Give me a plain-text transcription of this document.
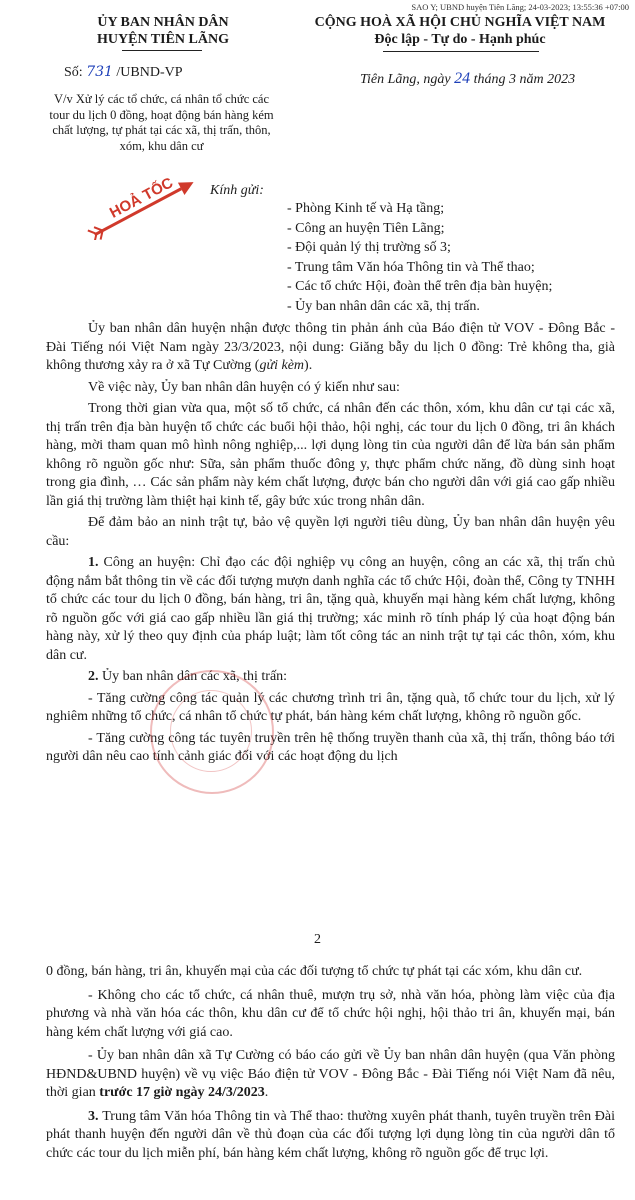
SAO Y; UBND huyện Tiên Lãng; 24-03-2023; 13:55:36 +07:00
ỦY BAN NHÂN DÂN
HUYỆN TIÊN LÃNG
CỘNG HOÀ XÃ HỘI CHỦ NGHĨA VIỆT NAM
Độc lập - Tự do - Hạnh phúc
Số: 731 /UBND-VP	Tiên Lãng, ngày 24 tháng 3 năm 2023
V/v Xử lý các tổ chức, cá nhân tổ chức các tour du lịch 0 đồng, hoạt động bán hàng kém chất lượng, tự phát tại các xã, thị trấn, thôn, xóm, khu dân cư
HOẢ TỐC Kính gửi:
- Phòng Kinh tế và Hạ tầng;
- Công an huyện Tiên Lãng;
- Đội quản lý thị trường số 3;
- Trung tâm Văn hóa Thông tin và Thể thao;
- Các tổ chức Hội, đoàn thể trên địa bàn huyện;
- Ủy ban nhân dân các xã, thị trấn.

Ủy ban nhân dân huyện nhận được thông tin phản ánh của Báo điện tử VOV - Đông Bắc - Đài Tiếng nói Việt Nam ngày 23/3/2023, nội dung: Giăng bẫy du lịch 0 đồng: Trẻ không tha, già không thương xảy ra ở xã Tự Cường (gửi kèm).

Về việc này, Ủy ban nhân dân huyện có ý kiến như sau:

Trong thời gian vừa qua, một số tổ chức, cá nhân đến các thôn, xóm, khu dân cư tại các xã, thị trấn trên địa bàn huyện tổ chức các buổi hội thảo, hội nghị, các tour du lịch 0 đồng, tri ân khách hàng, mời tham quan mô hình nông nghiệp,... lợi dụng lòng tin của người dân để lừa bán sản phẩm không rõ nguồn gốc như: Sữa, sản phẩm thuốc đông y, thực phẩm chức năng, đồ dùng sinh hoạt trong gia đình, … Các sản phẩm này kém chất lượng, được bán cho người dân với giá cao gấp nhiều lần giá thị trường làm thiệt hại kinh tế, gây bức xúc trong nhân dân.

Để đảm bảo an ninh trật tự, bảo vệ quyền lợi người tiêu dùng, Ủy ban nhân dân huyện yêu cầu:

1. Công an huyện: Chỉ đạo các đội nghiệp vụ công an huyện, công an các xã, thị trấn chủ động nắm bắt thông tin về các đối tượng mượn danh nghĩa các tổ chức Hội, đoàn thể, Công ty TNHH tổ chức các tour du lịch 0 đồng, bán hàng, tri ân, tặng quà, khuyến mại hàng kém chất lượng, không rõ nguồn gốc với giá cao gấp nhiều lần giá thị trường; xác minh rõ tính pháp lý của hoạt động bán hàng này, xử lý theo quy định của pháp luật; làm tốt công tác an ninh trật tự tại các thôn, xóm, khu dân cư.

2. Ủy ban nhân dân các xã, thị trấn:

- Tăng cường công tác quản lý các chương trình tri ân, tặng quà, tổ chức tour du lịch, xử lý nghiêm những tổ chức, cá nhân tổ chức tự phát, bán hàng kém chất lượng, không rõ nguồn gốc.

- Tăng cường công tác tuyên truyền trên hệ thống truyền thanh của xã, thị trấn, thông báo tới người dân nêu cao tính cảnh giác đối với các hoạt động du lịch

2

0 đồng, bán hàng, tri ân, khuyến mại của các đối tượng tổ chức tự phát tại các xóm, khu dân cư.

- Không cho các tổ chức, cá nhân thuê, mượn trụ sở, nhà văn hóa, phòng làm việc của địa phương và nhà văn hóa các thôn, khu dân cư để tổ chức hội nghị, hội thảo tri ân, khuyến mại, bán hàng kém chất lượng với giá cao.

- Ủy ban nhân dân xã Tự Cường có báo cáo gửi về Ủy ban nhân dân huyện (qua Văn phòng HĐND&UBND huyện) về vụ việc Báo điện tử VOV - Đông Bắc - Đài Tiếng nói Việt Nam đã nêu, thời gian trước 17 giờ ngày 24/3/2023.

3. Trung tâm Văn hóa Thông tin và Thể thao: thường xuyên phát thanh, tuyên truyền trên Đài phát thanh huyện đến người dân về thủ đoạn của các đối tượng lợi dụng lòng tin của người dân tổ chức các tour du lịch miễn phí, bán hàng kém chất lượng, không rõ nguồn gốc để trục lợi.
